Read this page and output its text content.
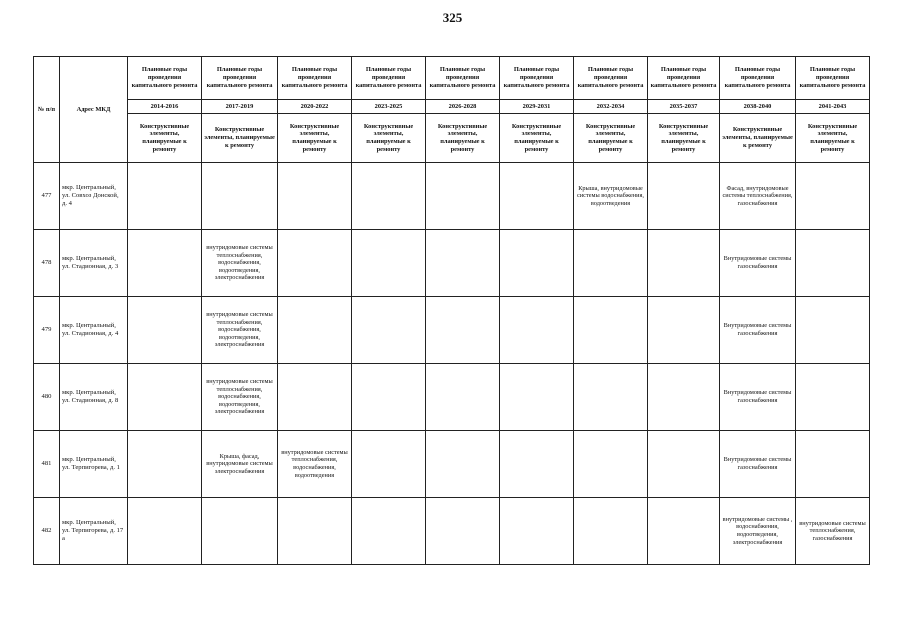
325
№ п/п	Адрес МКД	Плановые годы проведения капитального ремонта	Плановые годы проведения капитального ремонта	Плановые годы проведения капитального ремонта	Плановые годы проведения капитального ремонта	Плановые годы проведения капитального ремонта	Плановые годы проведения капитального ремонта	Плановые годы проведения капитального ремонта	Плановые годы проведения капитального ремонта	Плановые годы проведения капитального ремонта	Плановые годы проведения капитального ремонта
		2014-2016	2017-2019	2020-2022	2023-2025	2026-2028	2029-2031	2032-2034	2035-2037	2038-2040	2041-2043
		Конструктивные элементы, планируемые к ремонту	Конструктивные элементы, планируемые к ремонту	Конструктивные элементы, планируемые к ремонту	Конструктивные элементы, планируемые к ремонту	Конструктивные элементы, планируемые к ремонту	Конструктивные элементы, планируемые к ремонту	Конструктивные элементы, планируемые к ремонту	Конструктивные элементы, планируемые к ремонту	Конструктивные элементы, планируемые к ремонту	Конструктивные элементы, планируемые к ремонту
477	мкр. Центральный, ул. Совхоз Донской, д. 4							Крыша, внутридомовые системы водоснабжения, водоотведения		Фасад, внутридомовые системы теплоснабжения, газоснабжения	
478	мкр. Центральный, ул. Стадионная, д. 3		внутридомовые системы теплоснабжения, водоснабжения, водоотведения, электроснабжения							Внутридомовые системы газоснабжения	
479	мкр. Центральный, ул. Стадионная, д. 4		внутридомовые системы теплоснабжения, водоснабжения, водоотведения, электроснабжения							Внутридомовые системы газоснабжения	
480	мкр. Центральный, ул. Стадионная, д. 8		внутридомовые системы теплоснабжения, водоснабжения, водоотведения, электроснабжения							Внутридомовые системы газоснабжения	
481	мкр. Центральный, ул. Терпигорева, д. 1		Крыша, фасад, внутридомовые системы электроснабжения	внутридомовые системы теплоснабжения, водоснабжения, водоотведения						Внутридомовые системы газоснабжения	
482	мкр. Центральный, ул. Терпигорева, д. 17 а									внутридомовые системы , водоснабжения, водоотведения, электроснабжения	внутридомовые системы теплоснабжения, газоснабжения
